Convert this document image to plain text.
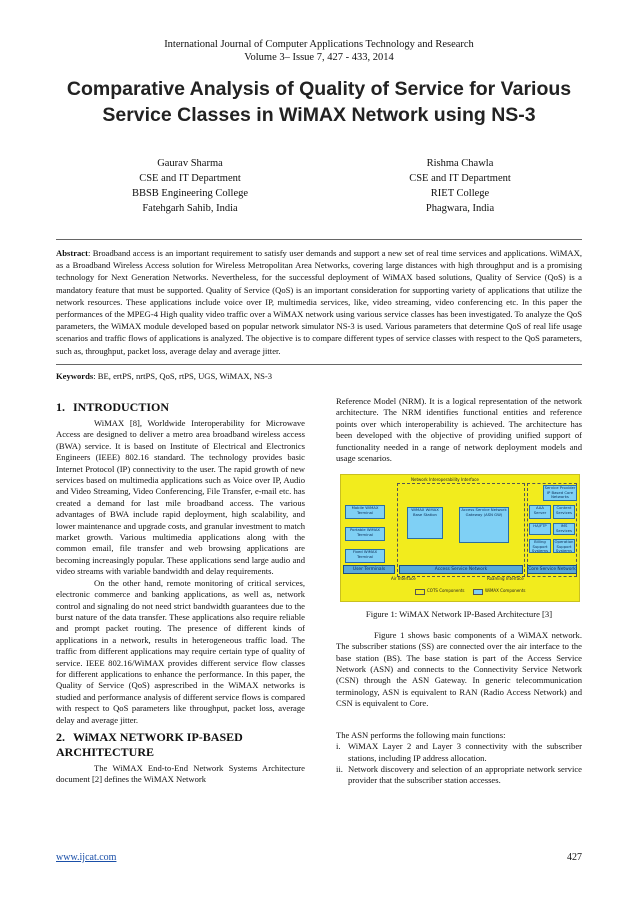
International Journal of Computer Applications Technology and Research
Volume 3– Issue 7, 427 - 433, 2014
Comparative Analysis of Quality of Service for Various Service Classes in WiMAX Network using NS-3
Gaurav Sharma
CSE and IT Department
BBSB Engineering College
Fatehgarh Sahib, India
Rishma Chawla
CSE and IT Department
RIET College
Phagwara, India
Abstract: Broadband access is an important requirement to satisfy user demands and support a new set of real time services and applications. WiMAX, as a Broadband Wireless Access solution for Wireless Metropolitan Area Networks, covering large distances with high throughput and is a promising technology for Next Generation Networks. Nevertheless, for the successful deployment of WiMAX based solutions, Quality of Service (QoS) is a mandatory feature that must be supported. Quality of Service (QoS) is an important consideration for supporting variety of applications that utilize the network resources. These applications include voice over IP, multimedia services, like, video streaming, video conferencing etc. In this paper the performances of the MPEG-4 High quality video traffic over a WiMAX network using various service classes has been investigated. To analyze the QoS parameters, the WiMAX module developed based on popular network simulator NS-3 is used. Various parameters that determine QoS of real life usage scenarios and traffic flows of applications is analyzed. The objective is to compare different types of service classes with respect to the QoS parameters, such as, throughput, packet loss, average delay and average jitter.
Keywords: BE, ertPS, nrtPS, QoS, rtPS, UGS, WiMAX, NS-3
1. INTRODUCTION

WiMAX [8], Worldwide Interoperability for Microwave Access are designed to deliver a metro area broadband wireless access (BWA) service. It is based on Institute of Electrical and Electronics Engineers (IEEE) 802.16 standard. The technology provides basic Internet Protocol (IP) connectivity to the user. The rapid growth of new services based on multimedia applications such as Voice over IP, Audio and Video Streaming, Video Conferencing, File Transfer, e-mail etc. has created a demand for last mile broadband access. The various advantages of BWA include rapid deployment, high scalability, and lower maintenance and upgrade costs, and granular investment to match market growth. Various multimedia applications along with the common email, file transfer and web browsing applications are becoming increasingly popular. These applications send large audio and video streams with variable bandwidth and delay requirements.

On the other hand, remote monitoring of critical services, electronic commerce and banking applications, as well as, network control and signaling do not need strict bandwidth guarantees due to the burst nature of the data transfer. These applications also require reliable and prompt packet routing. The presence of different kinds of applications in a network, results in heterogeneous traffic load. The traffic from different applications may require certain type of quality of service. IEEE 802.16/WiMAX provides different service flow classes for different applications to enhance the performance. In this paper, the Quality of Service (QoS) asprescribed in the WiMAX networks is studied and performance analysis of different service flows is compared with respect to QoS parameters like throughput, packet loss, average delay and average jitter.

2. WiMAX NETWORK IP-BASED ARCHITECTURE

The WiMAX End-to-End Network Systems Architecture document [2] defines the WiMAX Network

Reference Model (NRM). It is a logical representation of the network architecture. The NRM identifies functional entities and reference points over which interoperability is achieved. The architecture has been developed with the objective of providing unified support of functionality needed in a range of network deployment models and usage scenarios.

Network Interoperability Interface
Mobile WiMAX Terminal
Portable WiMAX Terminal
Fixed WiMAX Terminal
WiMAX WiMAX Base Station
Access Service Network Gateway (ASN GW)
Service Provider IP Based Core Networks
AAA Server
Content Services
HA/FTP	IMS Services
Billing Support Systems
Operation Support Systems
User Terminals	Access Service Network	Core Service Network
Air Interface	Roaming Interface
COTS Components	WiMAX Components

Figure 1: WiMAX Network IP-Based Architecture [3]

Figure 1 shows basic components of a WiMAX network. The subscriber stations (SS) are connected over the air interface to the base station (BS). The base station is part of the Access Service Network (ASN) and connects to the Connectivity Service Network (CSN) through the ASN Gateway. In generic telecommunication terminology, ASN is equivalent to RAN (Radio Access Network) and CSN is equivalent to Core.

The ASN performs the following main functions:

i. WiMAX Layer 2 and Layer 3 connectivity with the subscriber stations, including IP address allocation.
ii. Network discovery and selection of an appropriate network service provider that the subscriber station accesses.
www.ijcat.com	427
